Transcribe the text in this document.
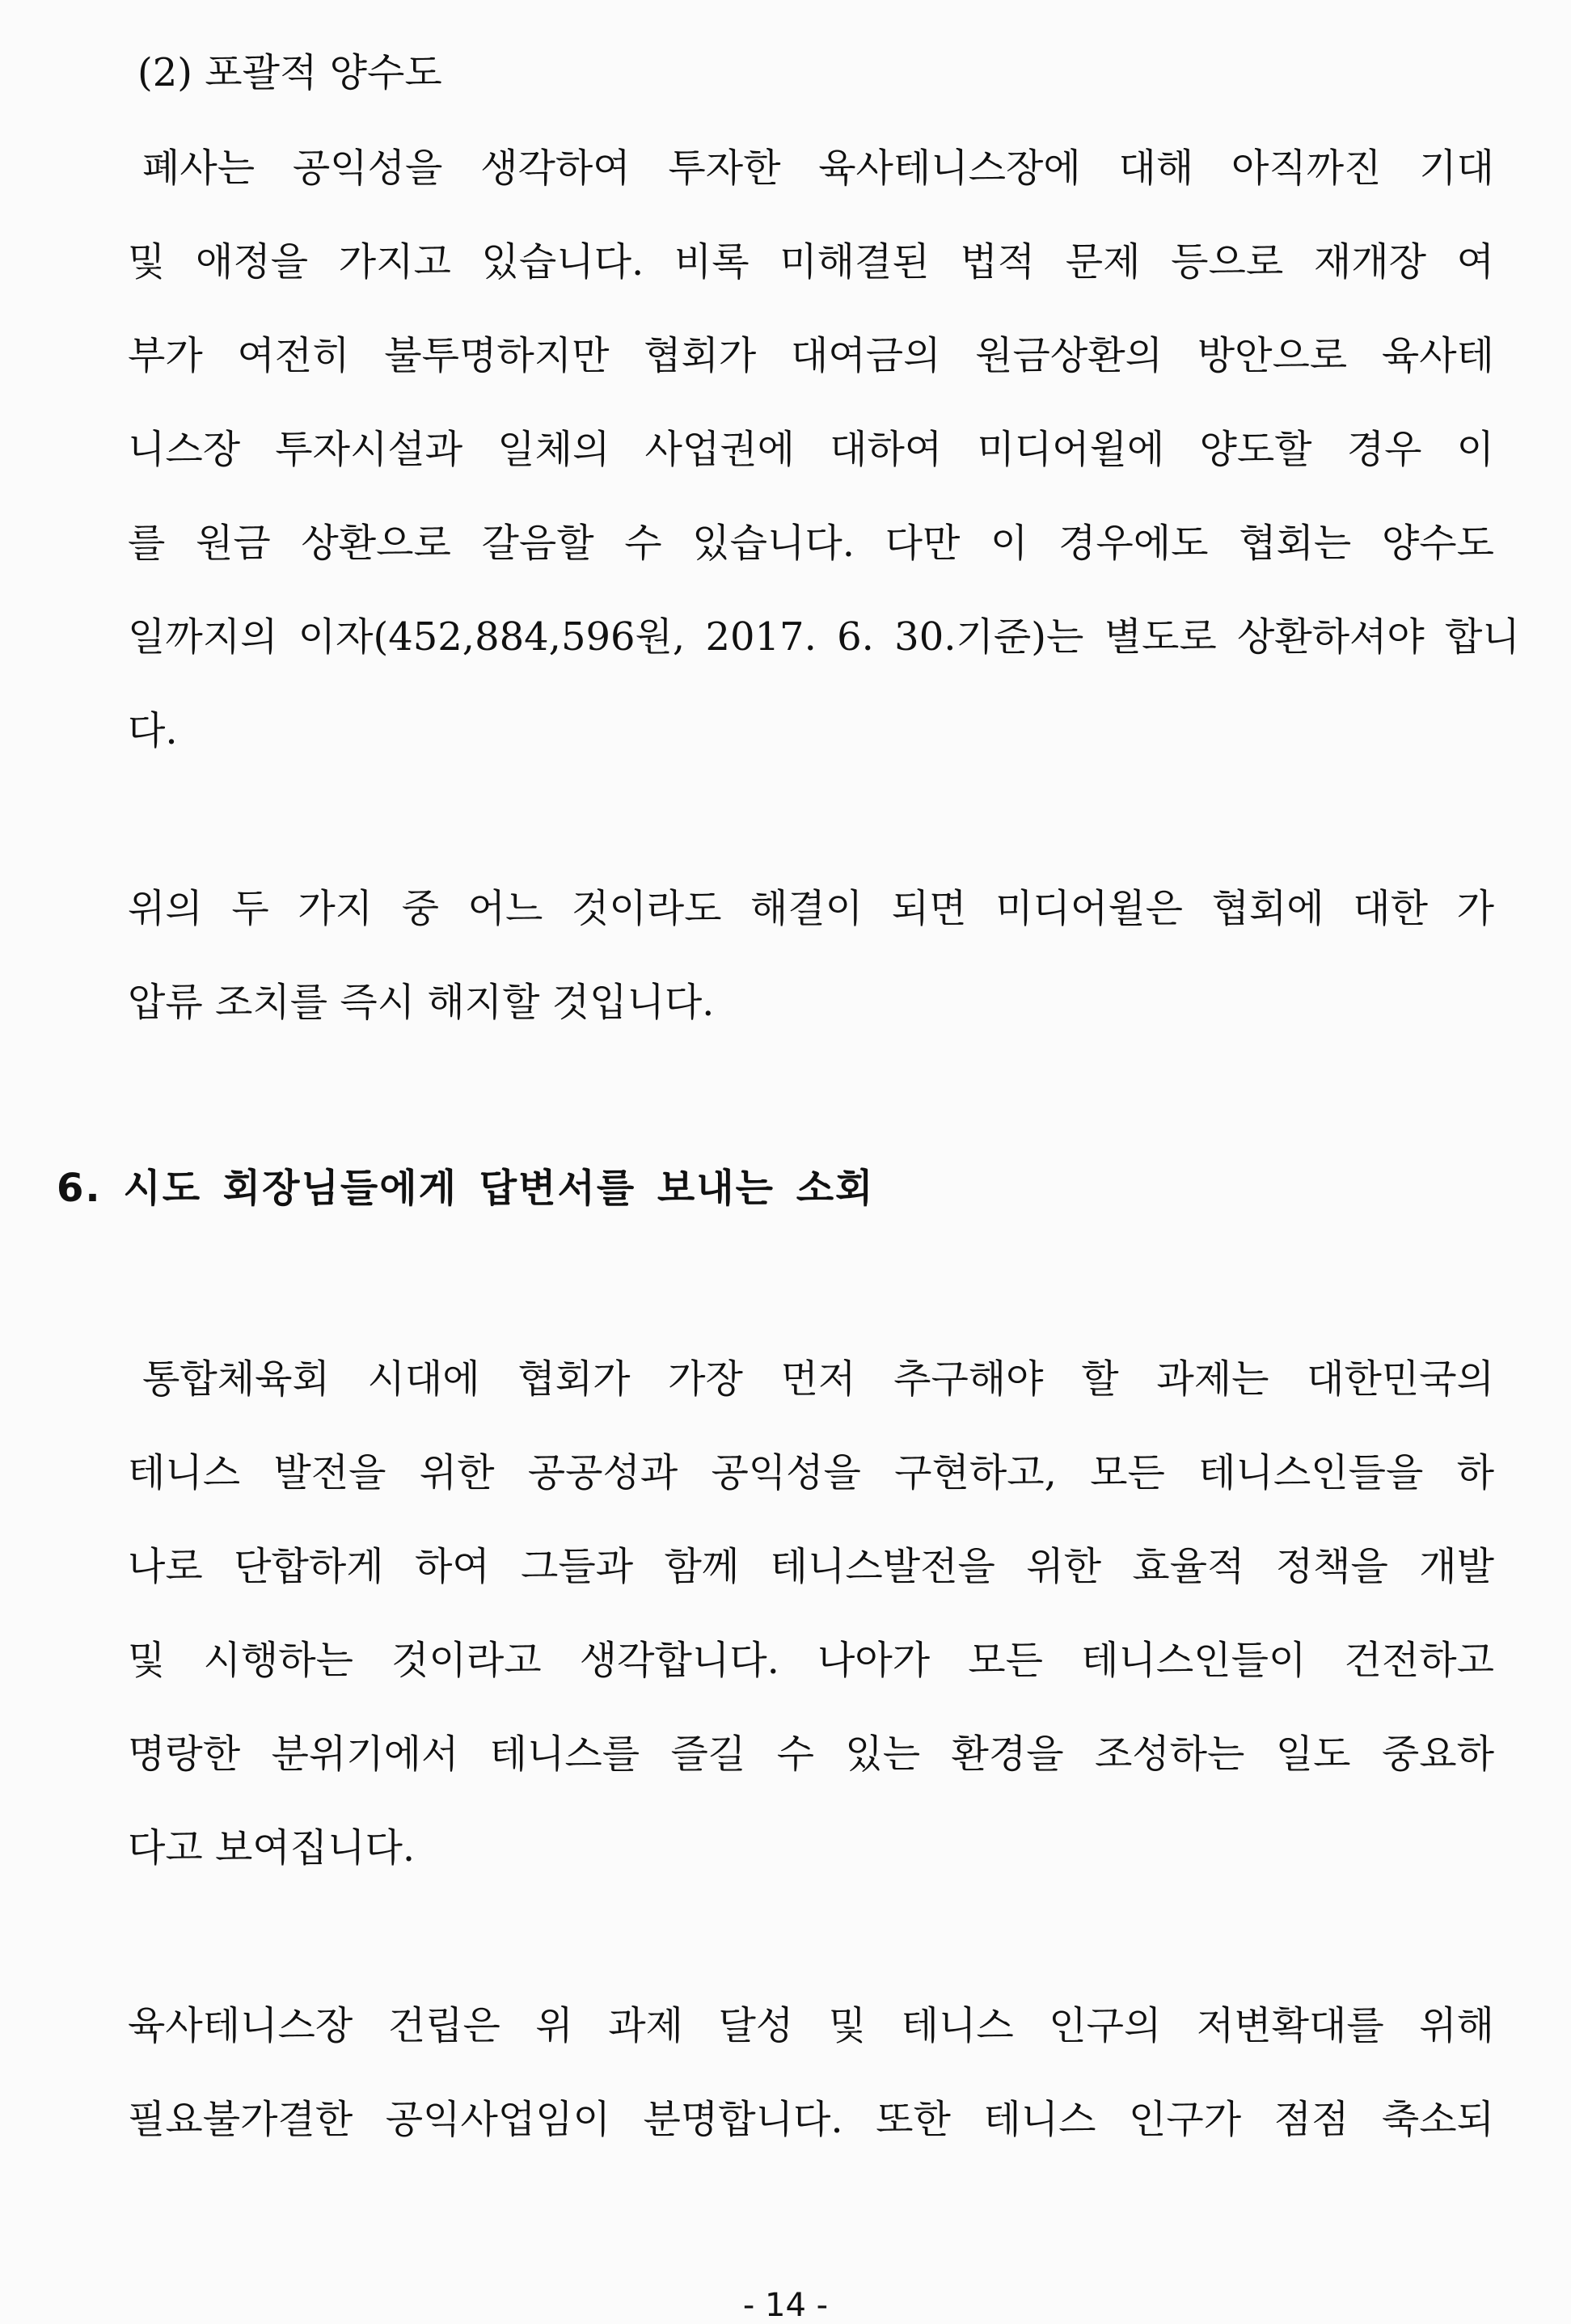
(2) 포괄적 양수도

폐사는 공익성을 생각하여 투자한 육사테니스장에 대해 아직까진 기대

및 애정을 가지고 있습니다. 비록 미해결된 법적 문제 등으로 재개장 여

부가 여전히 불투명하지만 협회가 대여금의 원금상환의 방안으로 육사테

니스장 투자시설과 일체의 사업권에 대하여 미디어윌에 양도할 경우 이

를 원금 상환으로 갈음할 수 있습니다. 다만 이 경우에도 협회는 양수도

일까지의 이자(452,884,596원, 2017. 6. 30.기준)는 별도로 상환하셔야 합니

다.

위의 두 가지 중 어느 것이라도 해결이 되면 미디어윌은 협회에 대한 가

압류 조치를 즉시 해지할 것입니다.

6. 시도 회장님들에게 답변서를 보내는 소회

통합체육회 시대에 협회가 가장 먼저 추구해야 할 과제는 대한민국의

테니스 발전을 위한 공공성과 공익성을 구현하고, 모든 테니스인들을 하

나로 단합하게 하여 그들과 함께 테니스발전을 위한 효율적 정책을 개발

및 시행하는 것이라고 생각합니다. 나아가 모든 테니스인들이 건전하고

명랑한 분위기에서 테니스를 즐길 수 있는 환경을 조성하는 일도 중요하

다고 보여집니다.

육사테니스장 건립은 위 과제 달성 및 테니스 인구의 저변확대를 위해

필요불가결한 공익사업임이 분명합니다. 또한 테니스 인구가 점점 축소되

- 14 -
